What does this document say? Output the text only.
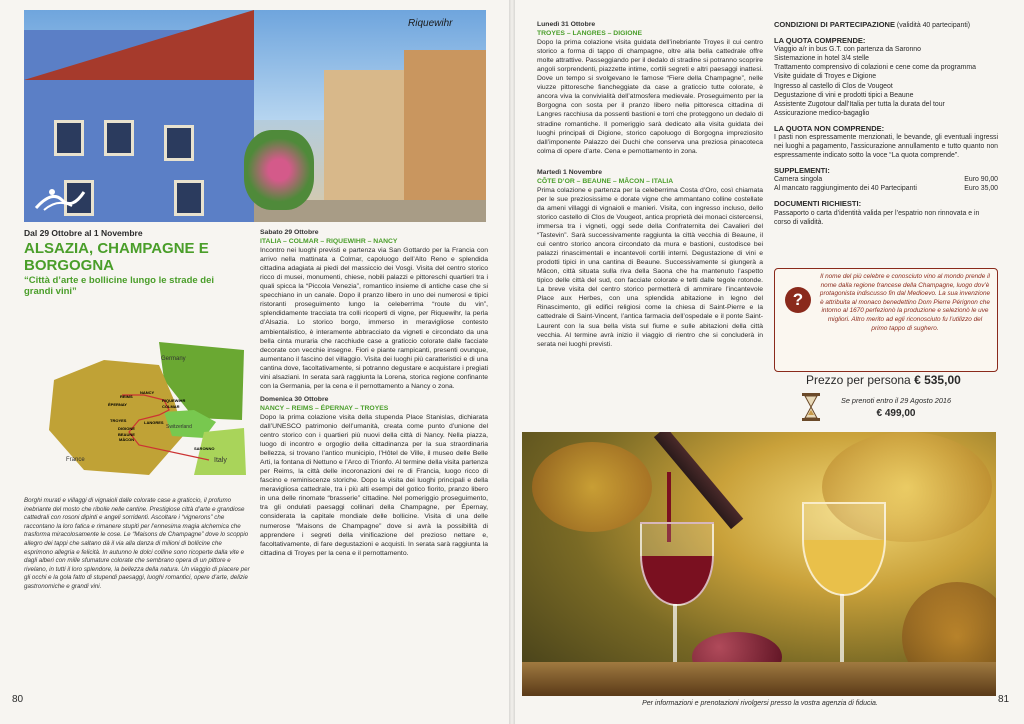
Riquewihr
Dal 29 Ottobre al 1 Novembre
ALSAZIA, CHAMPAGNE E BORGOGNA
“Città d’arte e bollicine lungo le strade dei grandi vini”
Germany
France
Switzerland
Italy
REIMS
NANCY
ÉPERNAY
RIQUEWIHR
COLMAR
TROYES
DIGIONE
BEAUNE
MÂCON
LANGRES
SARONNO
Borghi murati e villaggi di vignaioli dalle colorate case a graticcio, il profumo inebriante del mosto che ribolle nelle cantine. Prestigiose città d’arte e grandiose cattedrali con rosoni dipinti e angeli sorridenti. Ascoltare i “vignerons” che raccontano la loro fatica e rimanere stupiti per l’ennesima magia alchemica che trasforma miracolosamente le cose. Le “Maisons de Champagne” dove lo scoppio allegro dei tappi che saltano dà il via alla danza di milioni di bollicine che esprimono allegria e felicità. In autunno le dolci colline sono ricoperte dalla vite e dagli alberi con mille sfumature colorate che sembrano opera di un pittore e rivelano, in tutti il loro splendore, la bellezza della natura. Un viaggio di piacere per gli occhi e la gola fatto di stupendi paesaggi, luoghi romantici, opere d’arte, delizie gastronomiche e grandi vini.
Sabato 29 Ottobre
ITALIA – COLMAR – RIQUEWIHR – NANCY
Incontro nei luoghi previsti e partenza via San Gottardo per la Francia con arrivo nella mattinata a Colmar, capoluogo dell’Alto Reno e splendida cittadina adagiata ai piedi del massiccio dei Vosgi. Visita del centro storico ricco di musei, monumenti, chiese, nobili palazzi e pittoreschi quartieri tra i quali spicca la “Piccola Venezia”, romantico insieme di antiche case che si specchiano in un canale. Dopo il pranzo libero in uno dei numerosi e tipici ristoranti proseguimento lungo la celeberrima “route du vin”, splendidamente tracciata tra colli ricoperti di vigne, per Riquewihr, la perla d’Alsazia. Lo storico borgo, immerso in meravigliose contesto ambientalistico, è interamente abbracciato da vigneti e circondato da una bella cinta muraria che racchiude case a graticcio colorate dalle facciate decorate con vecchie insegne. Fiori e piante rampicanti, presenti ovunque, aumentano il fascino del villaggio. Visita dei luoghi più caratteristici e di una cantina dove, facoltativamente, si potranno degustare e acquistare i pregiati vini alsaziani. In serata sarà raggiunta la Lorena, storica regione confinante con la Germania, per la cena e il pernottamento a Nancy o zona.
Domenica 30 Ottobre
NANCY – REIMS – ÉPERNAY – TROYES
Dopo la prima colazione visita della stupenda Place Stanislas, dichiarata dall’UNESCO patrimonio dell’umanità, creata come punto d’unione del centro storico con i quartieri più nuovi della città di Nancy. Nella piazza, luogo di incontro e orgoglio della cittadinanza per la sua straordinaria bellezza, si trovano l’antico municipio, l’Hôtel de Ville, il museo delle Belle Arti, la fontana di Nettuno e l’Arco di Trionfo. Al termine della visita partenza per Reims, la città delle incoronazioni dei re di Francia, luogo ricco di fascino e reminiscenze storiche. Dopo la visita dei luoghi principali e della meravigliosa cattedrale, tra i più alti esempi del gotico fiorito, pranzo libero in una delle rinomate “brasserie” cittadine. Nel pomeriggio proseguimento, tra gli ondulati paesaggi collinari della Champagne, per Épernay, considerata la capitale mondiale delle bollicine. Visita di una delle numerose “Maisons de Champagne” dove si avrà la possibilità di apprendere i segreti della vinificazione del prezioso nettare e, facoltativamente, di fare degustazioni e acquisti. In serata sarà raggiunta la cittadina di Troyes per la cena e il pernottamento.
80
Lunedì 31 Ottobre
TROYES – LANGRES – DIGIONE
Dopo la prima colazione visita guidata dell’inebriante Troyes il cui centro storico a forma di tappo di champagne, oltre alla bella cattedrale offre molte attrattive. Passeggiando per il dedalo di stradine si potranno scoprire angoli sorprendenti, piazzette intime, cortili segreti e altri paesaggi inattesi. Dove un tempo si svolgevano le famose “Fiere della Champagne”, nelle viuzze pittoresche fiancheggiate da case a graticcio tutte colorate, è ancora viva la convivialità dell’atmosfera medievale. Proseguimento per la Borgogna con sosta per il pranzo libero nella pittoresca cittadina di Langres racchiusa da possenti bastioni e torri che proteggono un dedalo di stradine romantiche. Il pomeriggio sarà dedicato alla visita guidata dei luoghi principali di Digione, storico capoluogo di Borgogna impreziosito dall’imponente Palazzo dei Duchi che conserva una preziosa pinacoteca colma di opere d’arte. Cena e pernottamento in zona.
Martedì 1 Novembre
CÔTE D’OR – BEAUNE – MÂCON – ITALIA
Prima colazione e partenza per la celeberrima Costa d’Oro, così chiamata per le sue preziosissime e dorate vigne che ammantano colline costellate da ameni villaggi di vignaioli e manieri. Visita, con ingresso incluso, dello storico castello di Clos de Vougeot, antica proprietà dei monaci cistercensi, immersa tra i vigneti, oggi sede della Confraternita dei Cavalieri del “Tastevin”. Sarà successivamente raggiunta la città vecchia di Beaune, il cui centro storico ancora circondato da mura e bastioni, custodisce bei palazzi rinascimentali e incantevoli cortili interni. Degustazione di vini e prodotti tipici in una cantina di Beaune. Successivamente si giungerà a Mâcon, città situata sulla riva della Saona che ha mantenuto l’aspetto tipico delle città del sud, con facciate colorate e tetti dalle tegole rotonde. La breve visita del centro storico permetterà di ammirare l’incantevole Place aux Herbes, con una splendida abitazione in legno del Rinascimento, gli edifici religiosi come la chiesa di Saint-Pierre e la cattedrale di Saint-Vincent, l’antica farmacia dell’ospedale e il ponte Saint-Laurent con la sua bella vista sul fiume e sulle abitazioni della città vecchia. Al termine avrà inizio il viaggio di rientro che si concluderà in serata nei luoghi previsti.
CONDIZIONI DI PARTECIPAZIONE (validità 40 partecipanti)
LA QUOTA COMPRENDE:
Viaggio a/r in bus G.T. con partenza da Saronno
Sistemazione in hotel 3/4 stelle
Trattamento comprensivo di colazioni e cene come da programma
Visite guidate di Troyes e Digione
Ingresso al castello di Clos de Vougeot
Degustazione di vini e prodotti tipici a Beaune
Assistente Zugotour dall’Italia per tutta la durata del tour
Assicurazione medico-bagaglio
LA QUOTA NON COMPRENDE:
I pasti non espressamente menzionati, le bevande, gli eventuali ingressi nei luoghi a pagamento, l’assicurazione annullamento e tutto quanto non espressamente indicato sotto la voce “La quota comprende”.
SUPPLEMENTI:
Camera singola	Euro 90,00
Al mancato raggiungimento dei 40 Partecipanti	Euro 35,00
DOCUMENTI RICHIESTI:
Passaporto o carta d’identità valida per l’espatrio non rinnovata e in corso di validità.
?
Il nome del più celebre e conosciuto vino al mondo prende il nome dalla regione francese della Champagne, luogo dov’è protagonista indiscusso fin dal Medioevo. La sua invenzione è attribuita al monaco benedettino Dom Pierre Pérignon che intorno al 1670 perfezionò la produzione e selezionò le uve migliori. Altro merito ad egli riconosciuto fu l’utilizzo del primo tappo di sughero.
Prezzo per persona € 535,00
Se prenoti entro il 29 Agosto 2016
€ 499,00
Per informazioni e prenotazioni rivolgersi presso la vostra agenzia di fiducia.	81
